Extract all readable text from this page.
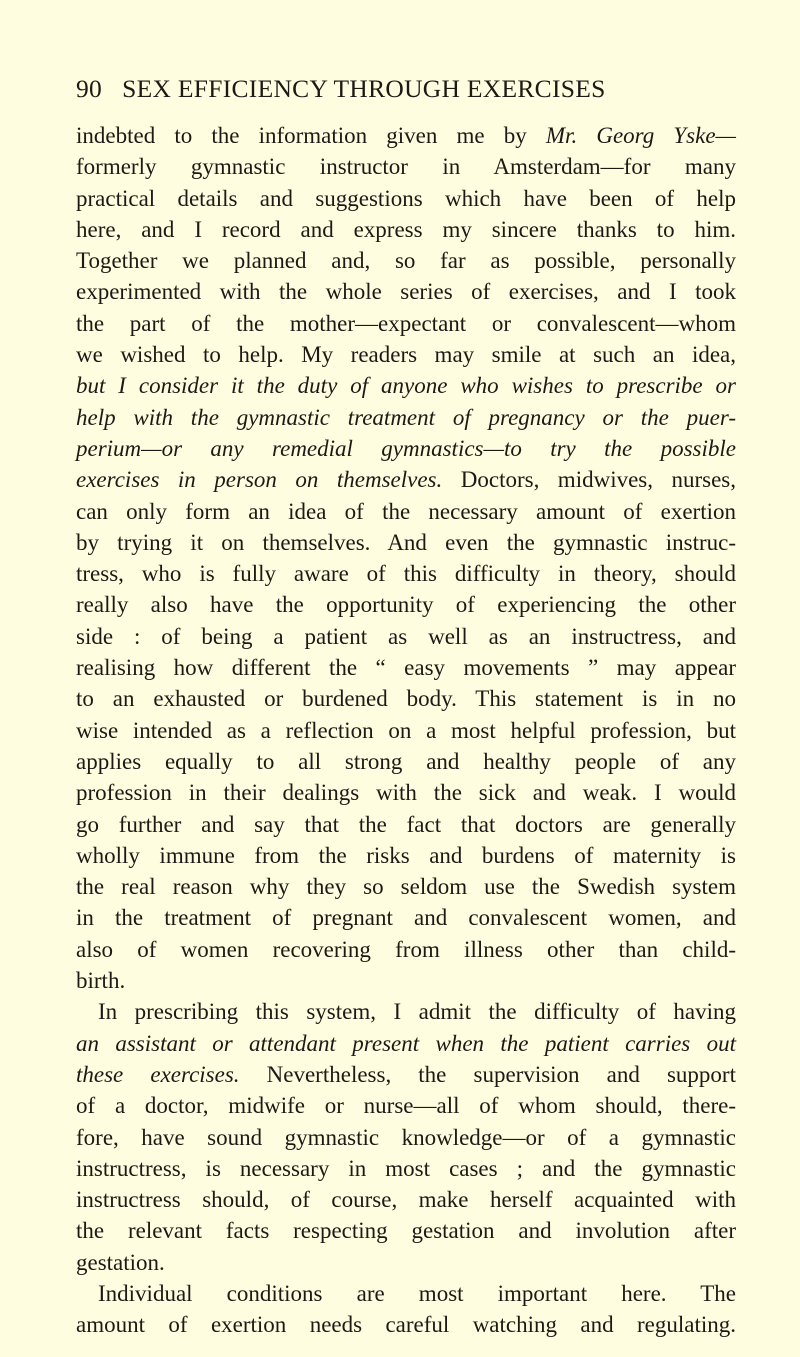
90 SEX EFFICIENCY THROUGH EXERCISES
indebted to the information given me by Mr. Georg Yske—
formerly gymnastic instructor in Amsterdam—for many
practical details and suggestions which have been of help
here, and I record and express my sincere thanks to him.
Together we planned and, so far as possible, personally
experimented with the whole series of exercises, and I took
the part of the mother—expectant or convalescent—whom
we wished to help. My readers may smile at such an idea,
but I consider it the duty of anyone who wishes to prescribe or
help with the gymnastic treatment of pregnancy or the puer-
perium—or any remedial gymnastics—to try the possible
exercises in person on themselves. Doctors, midwives, nurses,
can only form an idea of the necessary amount of exertion
by trying it on themselves. And even the gymnastic instruc-
tress, who is fully aware of this difficulty in theory, should
really also have the opportunity of experiencing the other
side : of being a patient as well as an instructress, and
realising how different the “ easy movements ” may appear
to an exhausted or burdened body. This statement is in no
wise intended as a reflection on a most helpful profession, but
applies equally to all strong and healthy people of any
profession in their dealings with the sick and weak. I would
go further and say that the fact that doctors are generally
wholly immune from the risks and burdens of maternity is
the real reason why they so seldom use the Swedish system
in the treatment of pregnant and convalescent women, and
also of women recovering from illness other than child-
birth.
In prescribing this system, I admit the difficulty of having
an assistant or attendant present when the patient carries out
these exercises. Nevertheless, the supervision and support
of a doctor, midwife or nurse—all of whom should, there-
fore, have sound gymnastic knowledge—or of a gymnastic
instructress, is necessary in most cases ; and the gymnastic
instructress should, of course, make herself acquainted with
the relevant facts respecting gestation and involution after
gestation.
Individual conditions are most important here. The
amount of exertion needs careful watching and regulating.
